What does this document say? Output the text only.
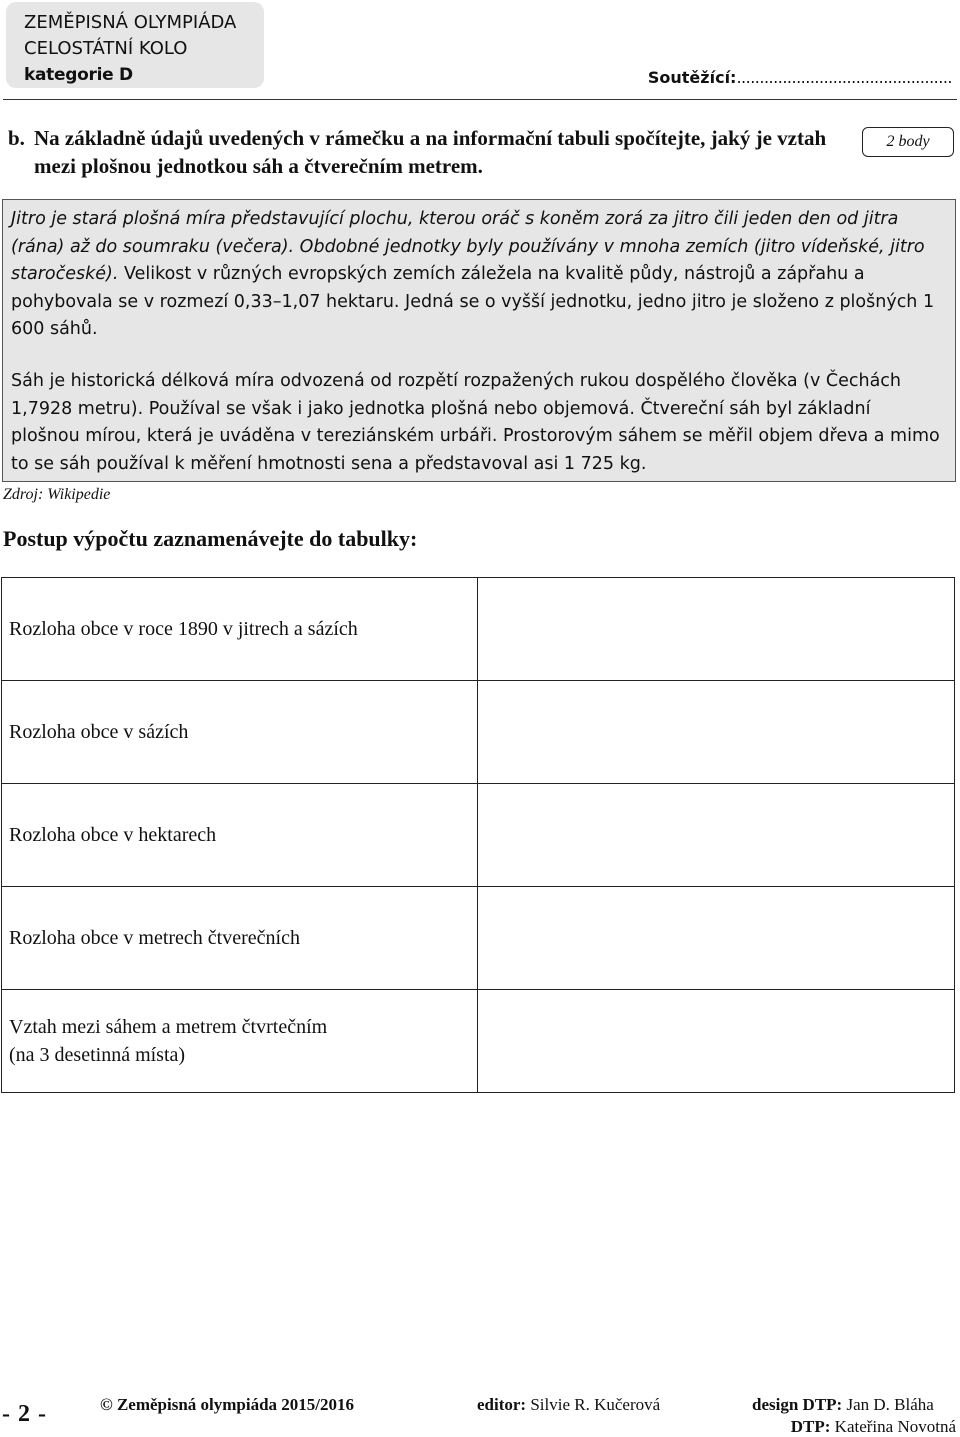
ZEMĚPISNÁ OLYMPIÁDA
CELOSTÁTNÍ KOLO
kategorie D	Soutěžící:...............................................
b. Na základně údajů uvedených v rámečku a na informační tabuli spočítejte, jaký je vztah mezi plošnou jednotkou sáh a čtverečním metrem.
2 body

Jitro je stará plošná míra představující plochu, kterou oráč s koněm zorá za jitro čili jeden den od jitra (rána) až do soumraku (večera). Obdobné jednotky byly používány v mnoha zemích (jitro vídeňské, jitro staročeské). Velikost v různých evropských zemích záležela na kvalitě půdy, nástrojů a zápřahu a pohybovala se v rozmezí 0,33–1,07 hektaru. Jedná se o vyšší jednotku, jedno jitro je složeno z plošných 1 600 sáhů.

Sáh je historická délková míra odvozená od rozpětí rozpažených rukou dospělého člověka (v Čechách 1,7928 metru). Používal se však i jako jednotka plošná nebo objemová. Čtvereční sáh byl základní plošnou mírou, která je uváděna v tereziánském urbáři. Prostorovým sáhem se měřil objem dřeva a mimo to se sáh používal k měření hmotnosti sena a představoval asi 1 725 kg.

Zdroj: Wikipedie
Postup výpočtu zaznamenávejte do tabulky:
Rozloha obce v roce 1890 v jitrech a sázích	
Rozloha obce v sázích	
Rozloha obce v hektarech	
Rozloha obce v metrech čtverečních	

Vztah mezi sáhem a metrem čtvrtečním
(na 3 desetinná místa)	

- 2 -	© Zeměpisná olympiáda 2015/2016	editor: Silvie R. Kučerová	design DTP: Jan D. Bláha
DTP: Kateřina Novotná
